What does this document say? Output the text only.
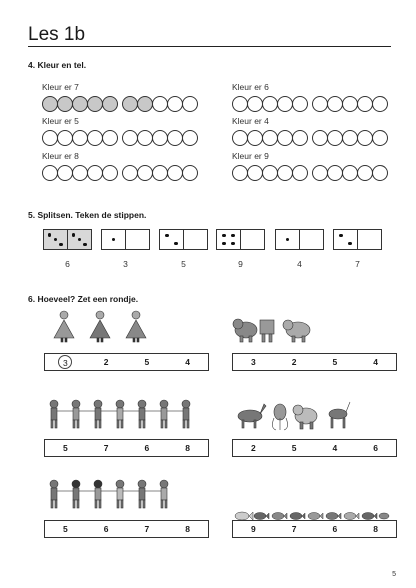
Les 1b
4. Kleur en tel.
Kleur er 7	Kleur er 6
Kleur er 5	Kleur er 4
Kleur er 8	Kleur er 9
5. Splitsen. Teken de stippen.
6	3	5	9	4	7
6. Hoeveel? Zet een rondje.
3	2	5	4	3	2	5	4
5	7	6	8	2	5	4	6
5	6	7	8	9	7	6	8
5
